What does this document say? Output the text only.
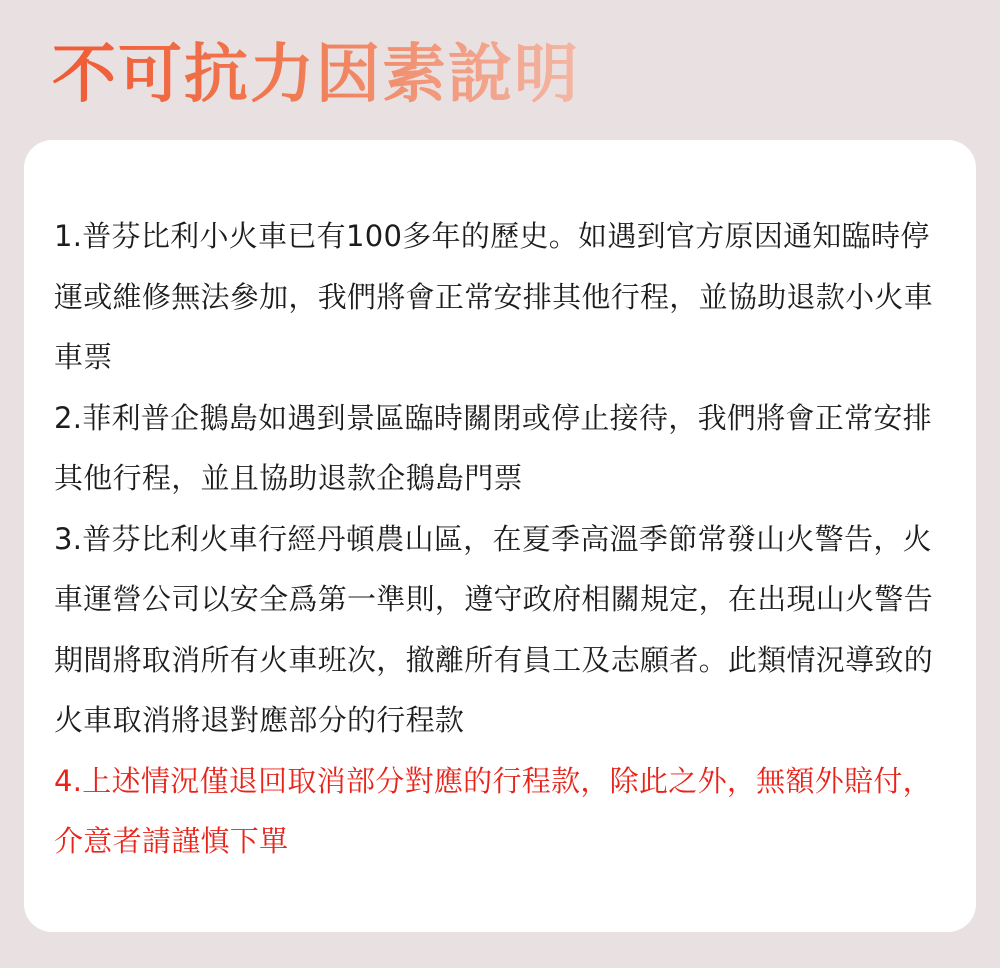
不可抗力因素說明

1.普芬比利小火車已有100多年的歷史。如遇到官方原因通知臨時停運或維修無法參加，我們將會正常安排其他行程，並協助退款小火車車票

2.菲利普企鵝島如遇到景區臨時關閉或停止接待，我們將會正常安排其他行程，並且協助退款企鵝島門票

3.普芬比利火車行經丹頓農山區，在夏季高溫季節常發山火警告，火車運營公司以安全爲第一準則，遵守政府相關規定，在出現山火警告期間將取消所有火車班次，撤離所有員工及志願者。此類情況導致的火車取消將退對應部分的行程款

4.上述情況僅退回取消部分對應的行程款，除此之外，無額外賠付，介意者請謹慎下單
